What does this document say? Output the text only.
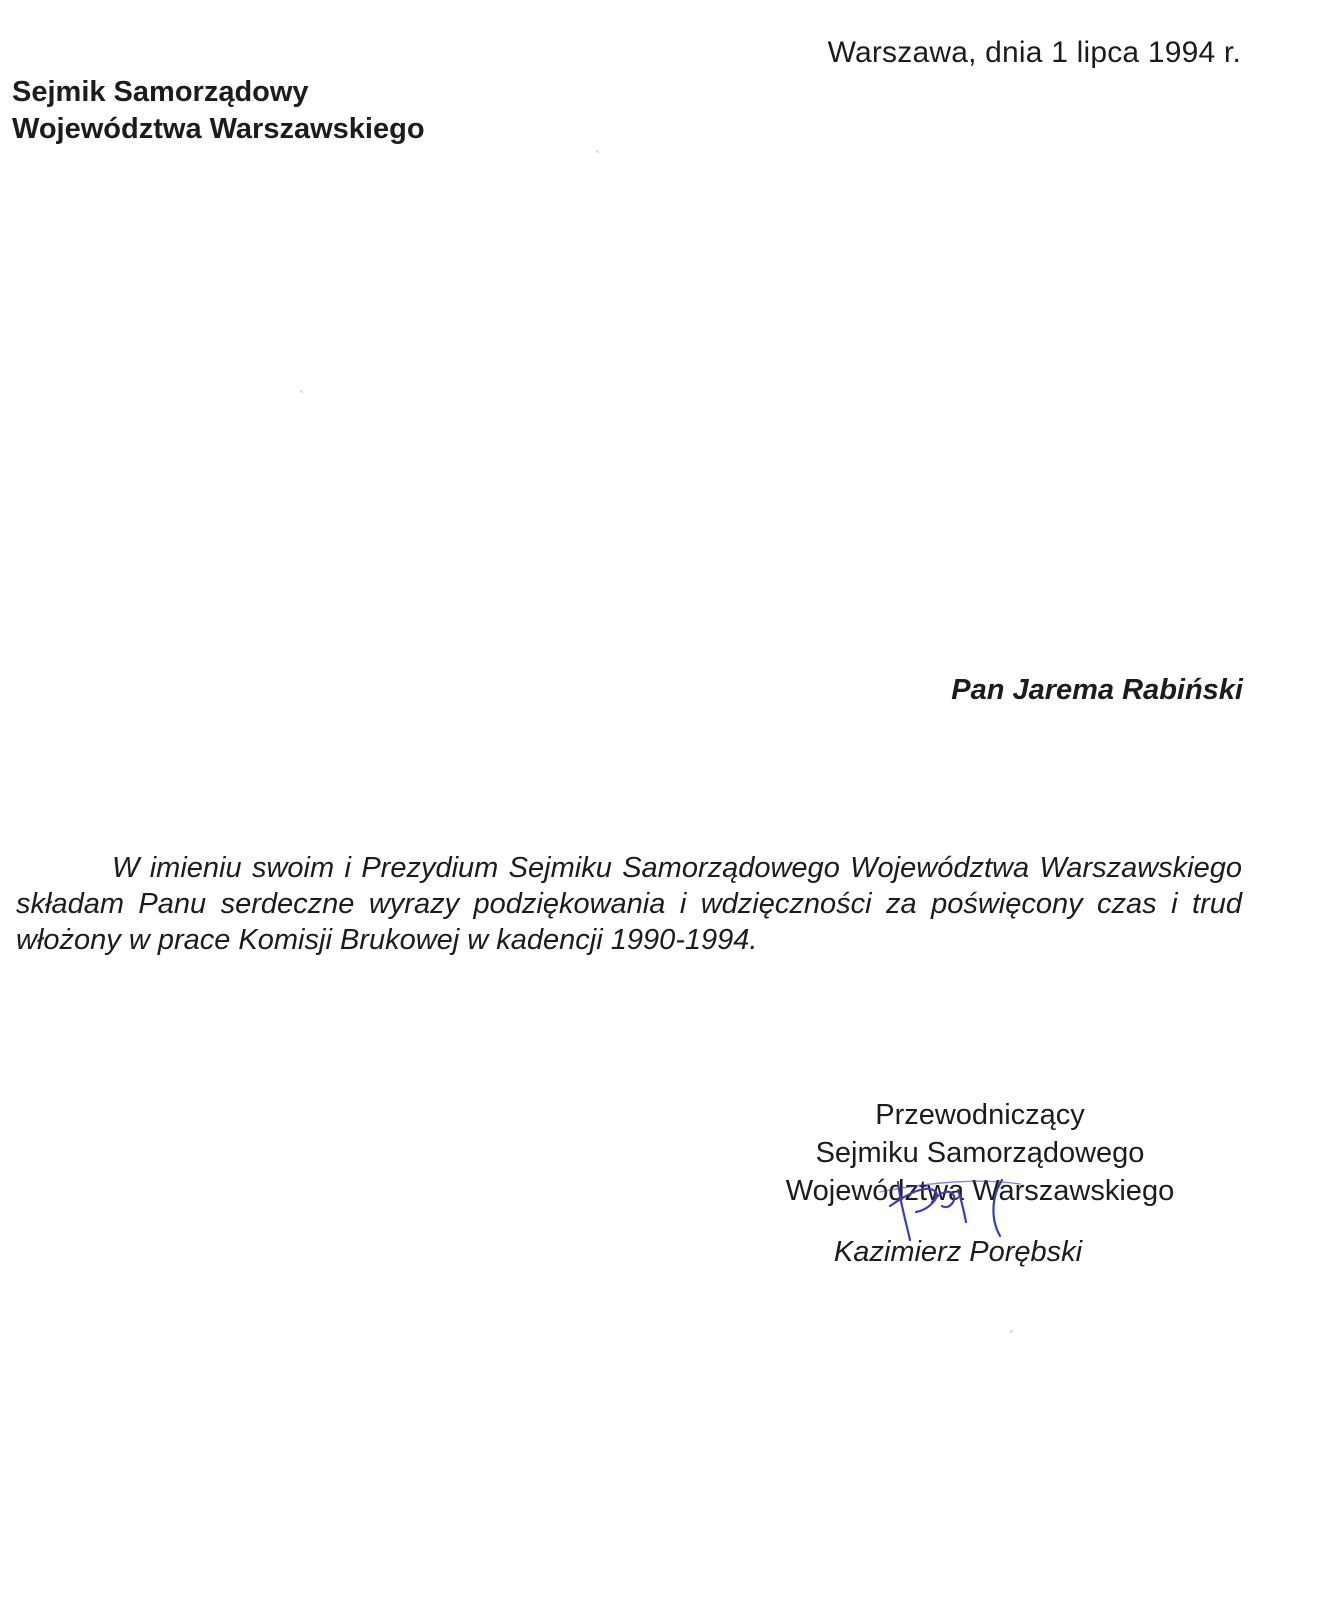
Warszawa, dnia 1 lipca 1994 r.
Sejmik Samorządowy
Województwa Warszawskiego
Pan Jarema Rabiński
W imieniu swoim i Prezydium Sejmiku Samorządowego Województwa Warszawskiego składam Panu serdeczne wyrazy podziękowania i wdzięczności za poświęcony czas i trud włożony w prace Komisji Brukowej w kadencji 1990-1994.
Przewodniczący
Sejmiku Samorządowego
Województwa Warszawskiego
Kazimierz Porębski
